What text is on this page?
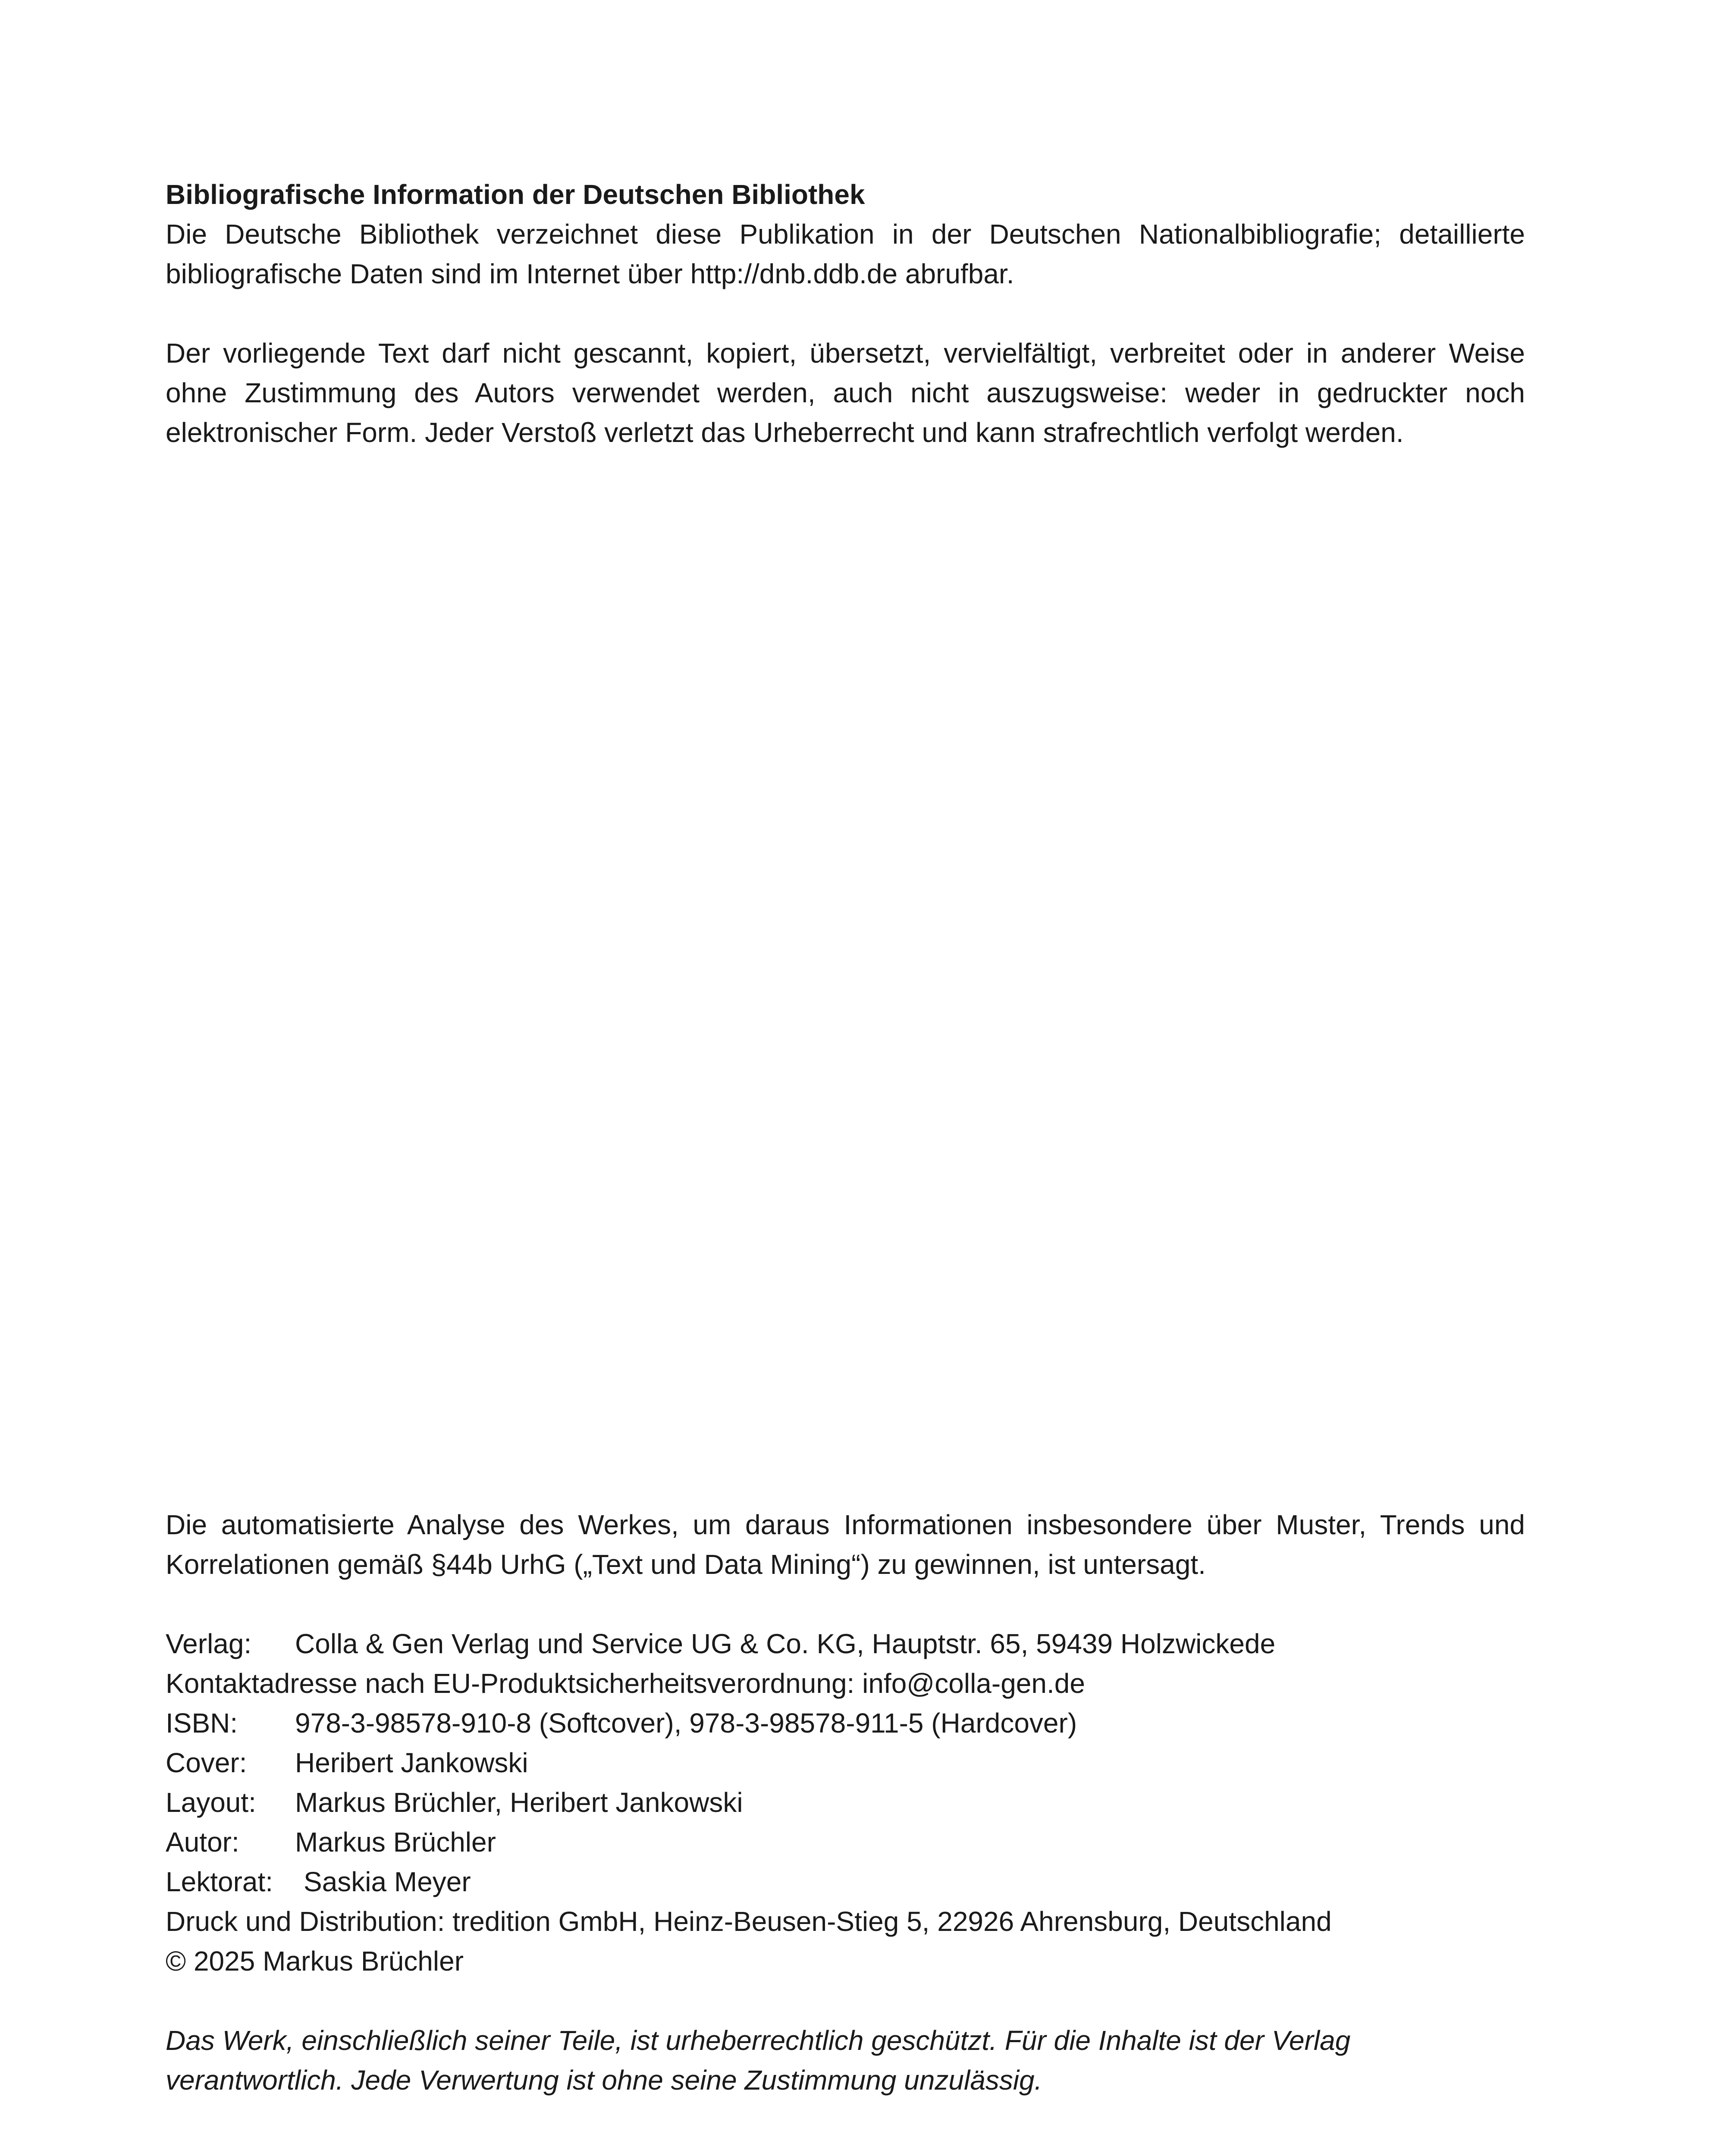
Bibliografische Information der Deutschen Bibliothek

Die Deutsche Bibliothek verzeichnet diese Publikation in der Deutschen Nationalbibliografie; detaillierte bibliografische Daten sind im Internet über http://dnb.ddb.de abrufbar.

Der vorliegende Text darf nicht gescannt, kopiert, übersetzt, vervielfältigt, verbreitet oder in anderer Weise ohne Zustimmung des Autors verwendet werden, auch nicht auszugsweise: weder in gedruckter noch elektronischer Form. Jeder Verstoß verletzt das Urheberrecht und kann strafrechtlich verfolgt werden.

Die automatisierte Analyse des Werkes, um daraus Informationen insbesondere über Muster, Trends und Korrelationen gemäß §44b UrhG („Text und Data Mining“) zu gewinnen, ist untersagt.

Verlag:	Colla & Gen Verlag und Service UG & Co. KG, Hauptstr. 65, 59439 Holzwickede

Kontaktadresse nach EU-Produktsicherheitsverordnung: info@colla-gen.de

ISBN:	978-3-98578-910-8 (Softcover), 978-3-98578-911-5 (Hardcover)
Cover:	Heribert Jankowski
Layout:	Markus Brüchler, Heribert Jankowski
Autor:	Markus Brüchler
Lektorat:	Saskia Meyer

Druck und Distribution: tredition GmbH, Heinz-Beusen-Stieg 5, 22926 Ahrensburg, Deutschland

© 2025 Markus Brüchler

Das Werk, einschließlich seiner Teile, ist urheberrechtlich geschützt. Für die Inhalte ist der Verlag verantwortlich. Jede Verwertung ist ohne seine Zustimmung unzulässig.
